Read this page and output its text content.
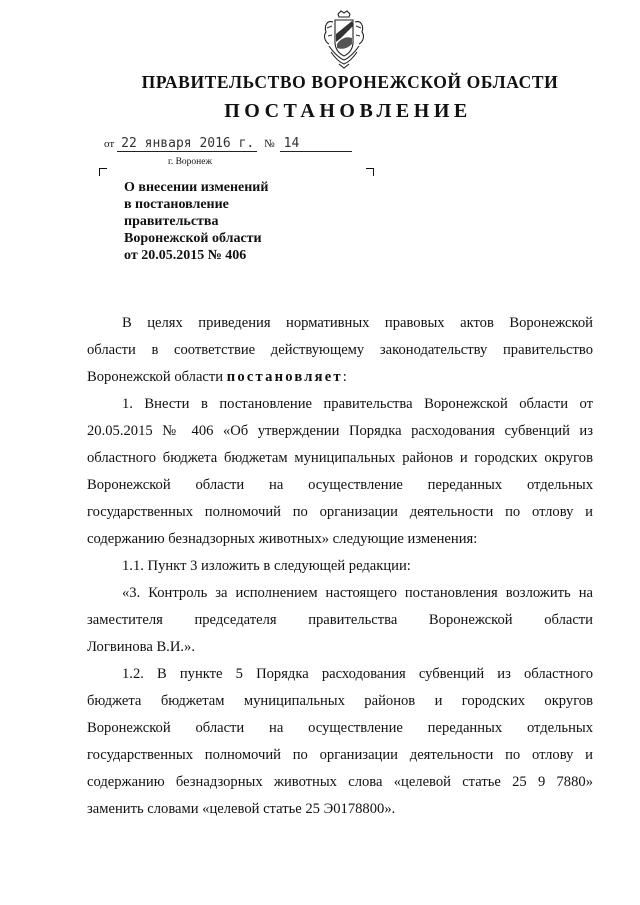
ПРАВИТЕЛЬСТВО ВОРОНЕЖСКОЙ ОБЛАСТИ
ПОСТАНОВЛЕНИЕ
от 22 января 2016 г. № 14
г. Воронеж
О внесении изменений
в постановление
правительства
Воронежской области
от 20.05.2015 № 406
В целях приведения нормативных правовых актов Воронежской
области в соответствие действующему законодательству правительство
Воронежской области постановляет:
1. Внести в постановление правительства Воронежской области от
20.05.2015 № 406 «Об утверждении Порядка расходования субвенций из
областного бюджета бюджетам муниципальных районов и городских округов
Воронежской области на осуществление переданных отдельных
государственных полномочий по организации деятельности по отлову и
содержанию безнадзорных животных» следующие изменения:
1.1. Пункт 3 изложить в следующей редакции:
«3. Контроль за исполнением настоящего постановления возложить на
заместителя председателя правительства Воронежской области
Логвинова В.И.».
1.2. В пункте 5 Порядка расходования субвенций из областного
бюджета бюджетам муниципальных районов и городских округов
Воронежской области на осуществление переданных отдельных
государственных полномочий по организации деятельности по отлову и
содержанию безнадзорных животных слова «целевой статье 25 9 7880»
заменить словами «целевой статье 25 Э0178800».
